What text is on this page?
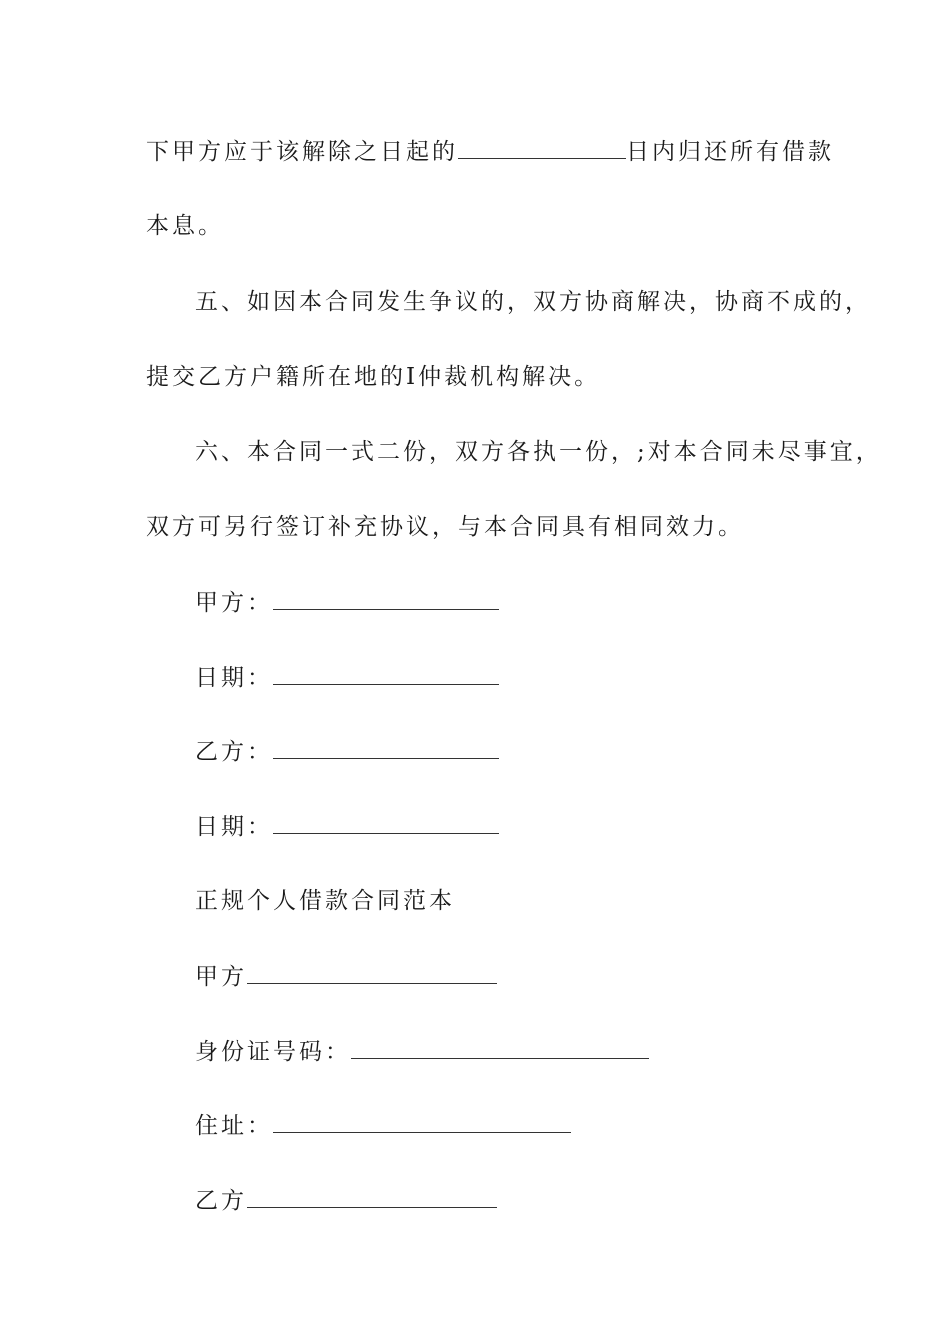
下甲方应于该解除之日起的	日内归还所有借款
本息。
五、如因本合同发生争议的，双方协商解决，协商不成的，
提交乙方户籍所在地的I仲裁机构解决。
六、本合同一式二份，双方各执一份，;对本合同未尽事宜，
双方可另行签订补充协议，与本合同具有相同效力。
甲方：
日期：
乙方：
日期：
正规个人借款合同范本
甲方
身份证号码：
住址：
乙方
